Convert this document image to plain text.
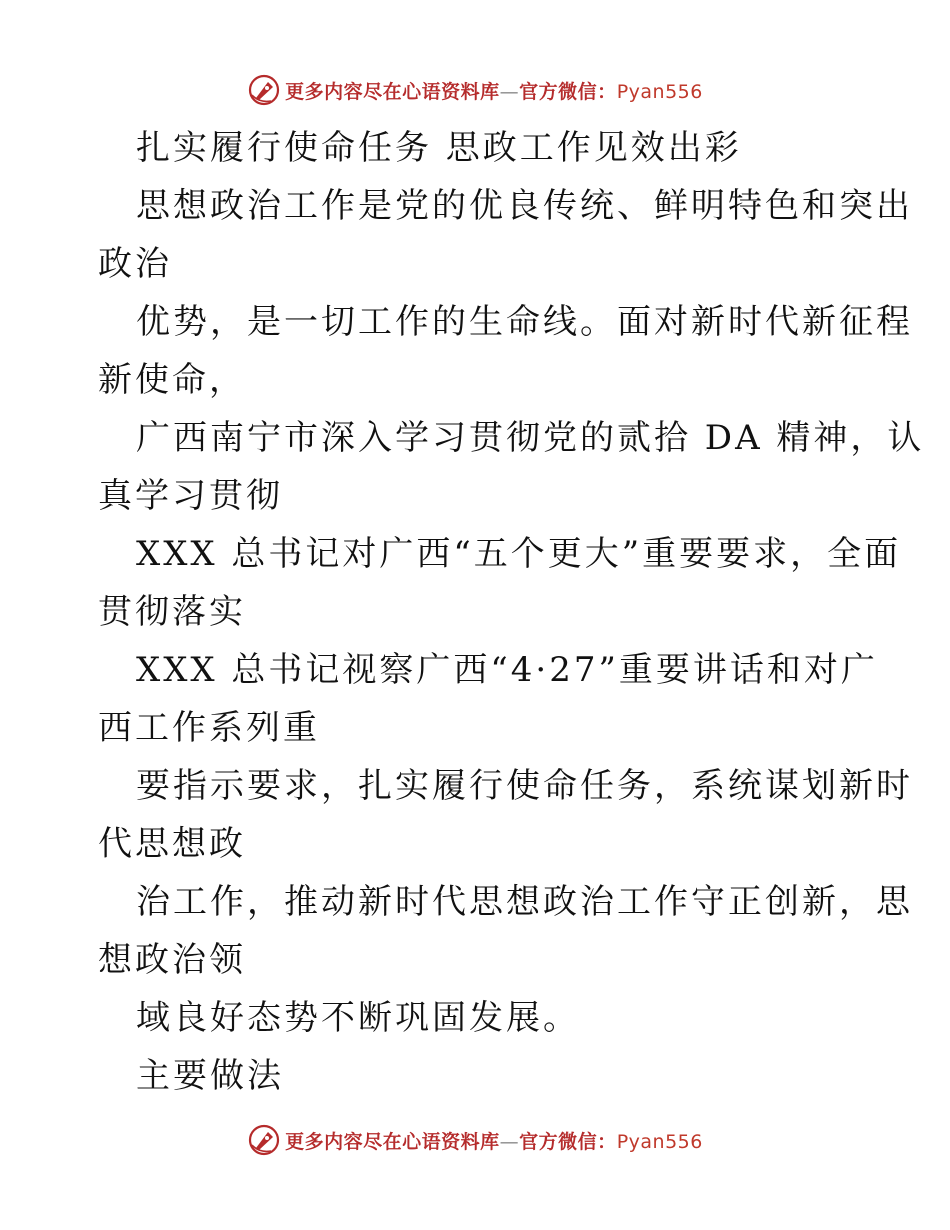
更多内容尽在心语资料库—官方微信：Pyan556
扎实履行使命任务 思政工作见效出彩
思想政治工作是党的优良传统、鲜明特色和突出
政治
优势，是一切工作的生命线。面对新时代新征程
新使命，
广西南宁市深入学习贯彻党的贰拾 DA 精神，认
真学习贯彻
XXX 总书记对广西“五个更大”重要要求，全面
贯彻落实
XXX 总书记视察广西“4·27”重要讲话和对广
西工作系列重
要指示要求，扎实履行使命任务，系统谋划新时
代思想政
治工作，推动新时代思想政治工作守正创新，思
想政治领
域良好态势不断巩固发展。
主要做法
更多内容尽在心语资料库—官方微信：Pyan556
